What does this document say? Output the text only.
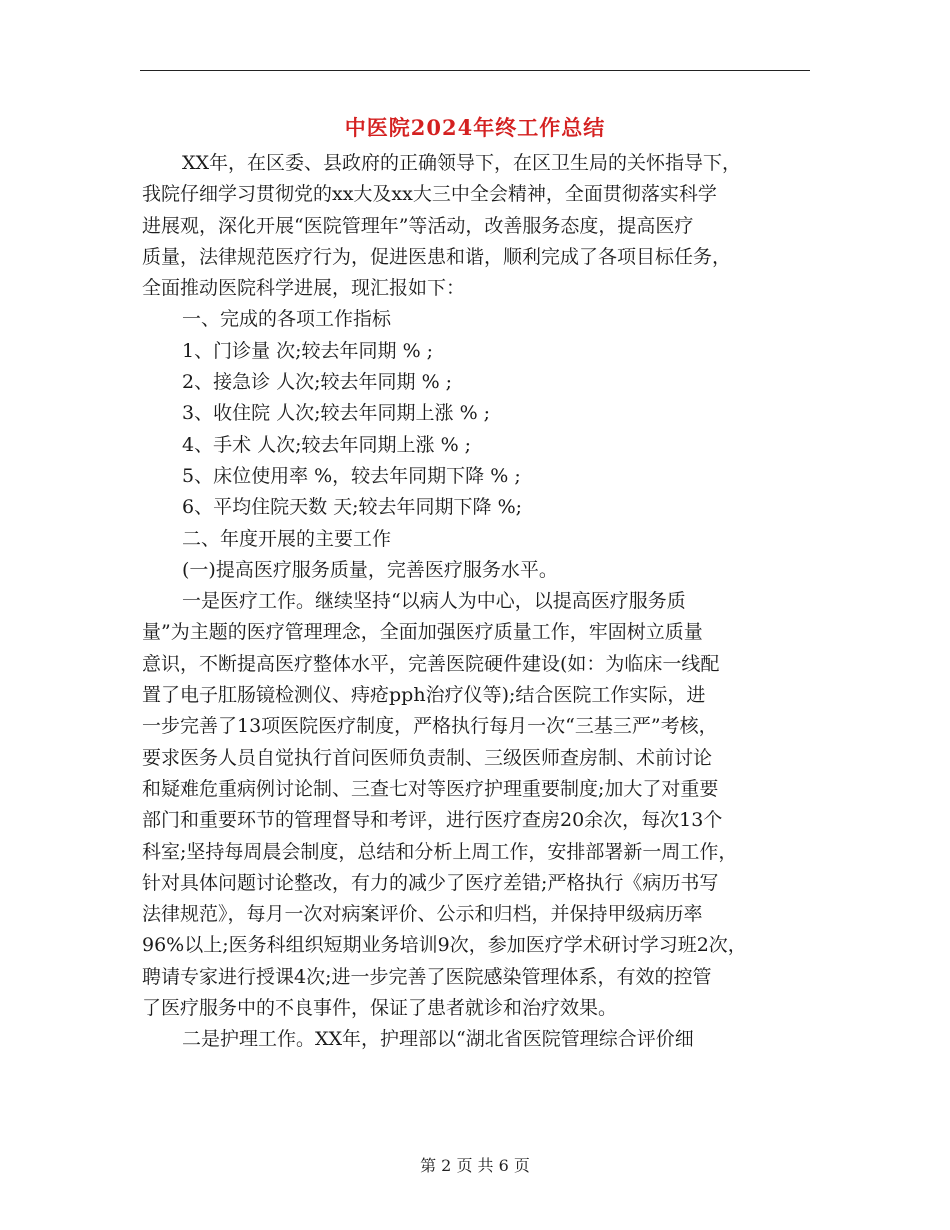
中医院2024年终工作总结
XX年，在区委、县政府的正确领导下，在区卫生局的关怀指导下，
我院仔细学习贯彻党的xx大及xx大三中全会精神，全面贯彻落实科学
进展观，深化开展“医院管理年”等活动，改善服务态度，提高医疗
质量，法律规范医疗行为，促进医患和谐，顺利完成了各项目标任务，
全面推动医院科学进展，现汇报如下：
一、完成的各项工作指标
1、门诊量 次;较去年同期 % ;
2、接急诊 人次;较去年同期 % ;
3、收住院 人次;较去年同期上涨 % ;
4、手术 人次;较去年同期上涨 % ;
5、床位使用率 %，较去年同期下降 % ;
6、平均住院天数 天;较去年同期下降 %;
二、年度开展的主要工作
(一)提高医疗服务质量，完善医疗服务水平。
一是医疗工作。继续坚持“以病人为中心，以提高医疗服务质
量”为主题的医疗管理理念，全面加强医疗质量工作，牢固树立质量
意识，不断提高医疗整体水平，完善医院硬件建设(如：为临床一线配
置了电子肛肠镜检测仪、痔疮pph治疗仪等);结合医院工作实际，进
一步完善了13项医院医疗制度，严格执行每月一次“三基三严”考核，
要求医务人员自觉执行首问医师负责制、三级医师查房制、术前讨论
和疑难危重病例讨论制、三查七对等医疗护理重要制度;加大了对重要
部门和重要环节的管理督导和考评，进行医疗查房20余次，每次13个
科室;坚持每周晨会制度，总结和分析上周工作，安排部署新一周工作，
针对具体问题讨论整改，有力的减少了医疗差错;严格执行《病历书写
法律规范》，每月一次对病案评价、公示和归档，并保持甲级病历率
96%以上;医务科组织短期业务培训9次，参加医疗学术研讨学习班2次，
聘请专家进行授课4次;进一步完善了医院感染管理体系，有效的控管
了医疗服务中的不良事件，保证了患者就诊和治疗效果。
二是护理工作。XX年，护理部以“湖北省医院管理综合评价细
第 2 页 共 6 页
